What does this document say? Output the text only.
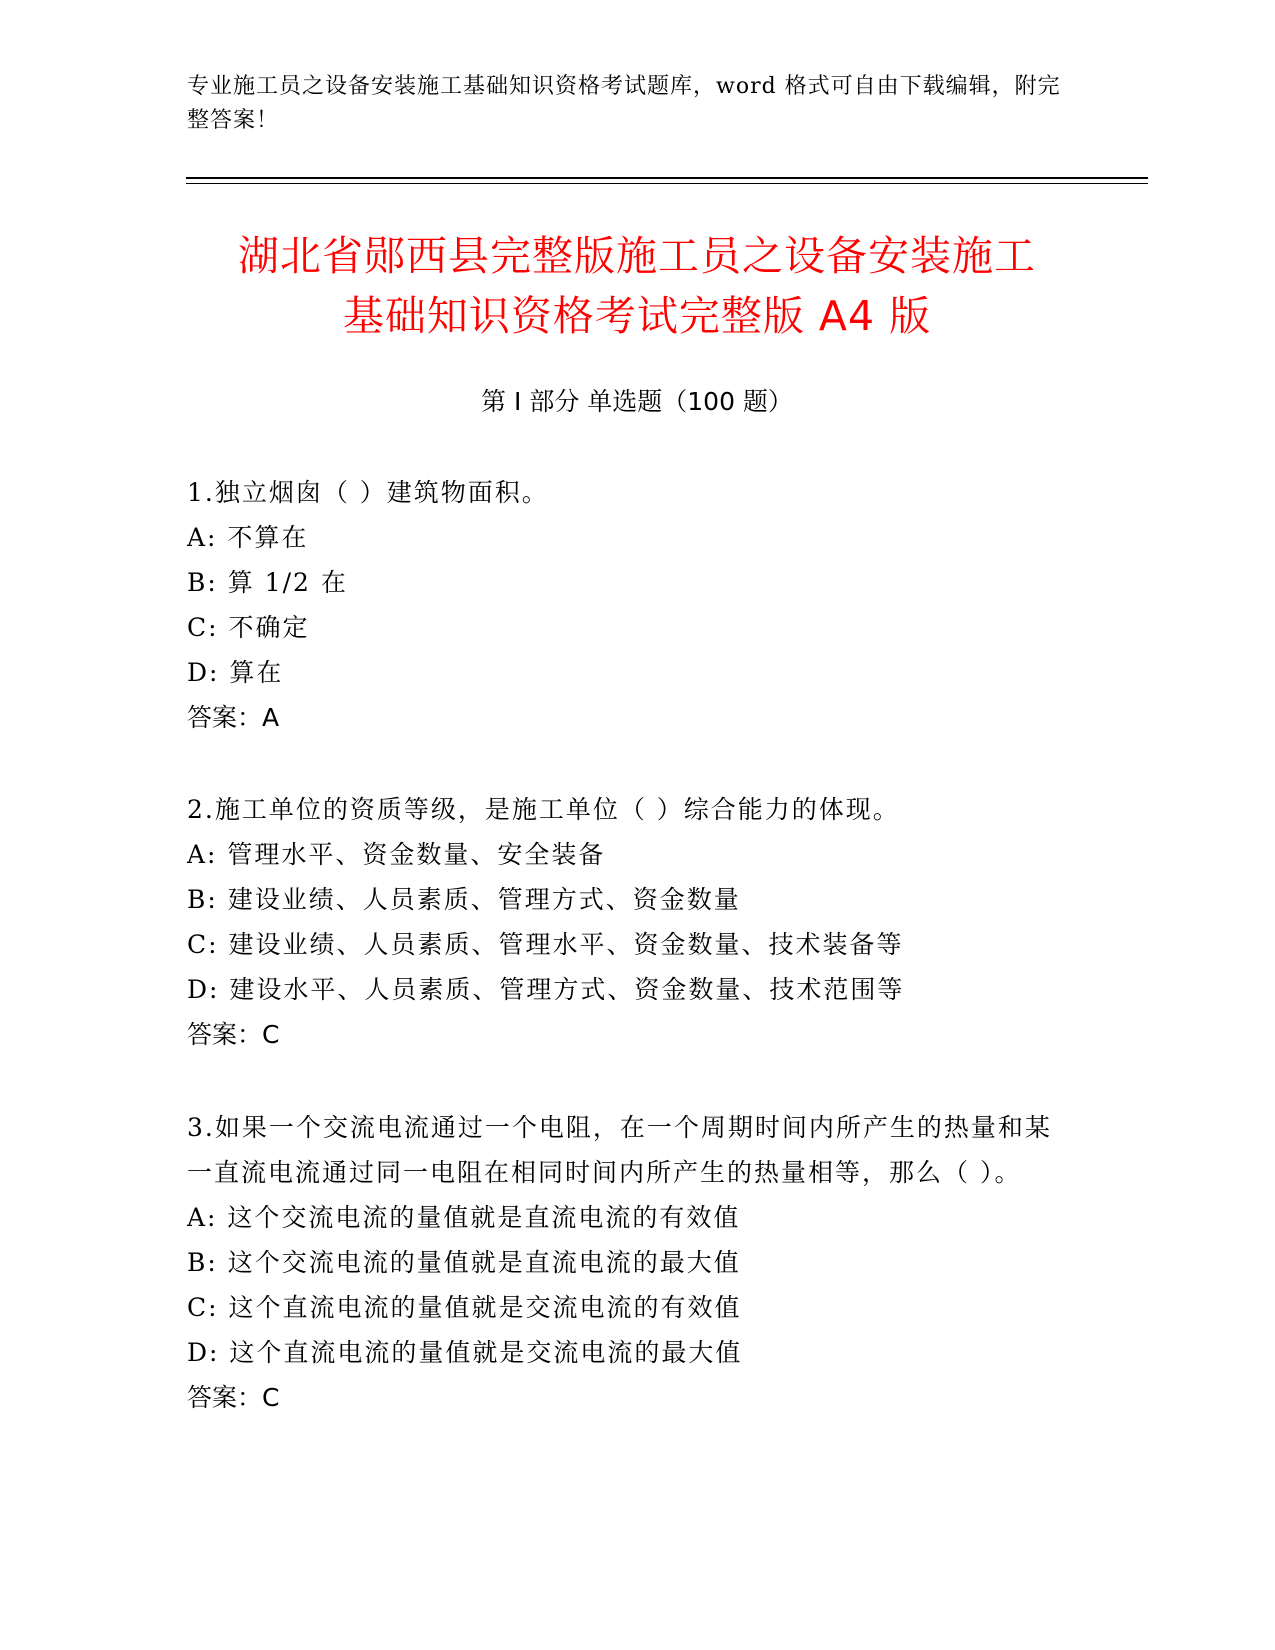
专业施工员之设备安装施工基础知识资格考试题库，word 格式可自由下载编辑，附完整答案！
湖北省郧西县完整版施工员之设备安装施工
基础知识资格考试完整版 A4 版
第 I 部分 单选题（100 题）

1.独立烟囱（ ）建筑物面积。

A: 不算在

B: 算 1/2 在

C: 不确定

D: 算在

答案：A

2.施工单位的资质等级，是施工单位（ ）综合能力的体现。

A: 管理水平、资金数量、安全装备

B: 建设业绩、人员素质、管理方式、资金数量

C: 建设业绩、人员素质、管理水平、资金数量、技术装备等

D: 建设水平、人员素质、管理方式、资金数量、技术范围等

答案：C

3.如果一个交流电流通过一个电阻，在一个周期时间内所产生的热量和某一直流电流通过同一电阻在相同时间内所产生的热量相等，那么（ ）。

A: 这个交流电流的量值就是直流电流的有效值

B: 这个交流电流的量值就是直流电流的最大值

C: 这个直流电流的量值就是交流电流的有效值

D: 这个直流电流的量值就是交流电流的最大值

答案：C
